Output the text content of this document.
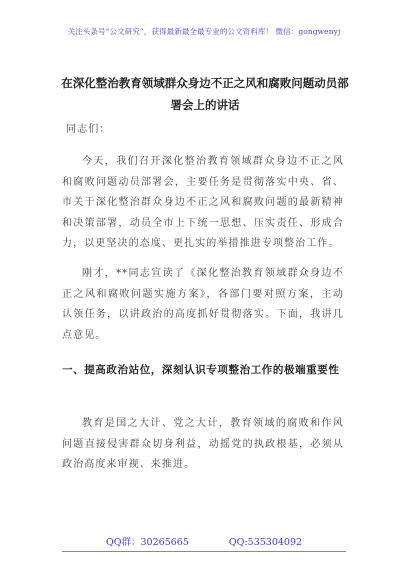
关注头条号“公文研究”，获得最新最全最专业的公文资料库！ 微信：gongwenyj
在深化整治教育领域群众身边不正之风和腐败问题动员部署会上的讲话
同志们：
今天，我们召开深化整治教育领域群众身边不正之风和腐败问题动员部署会，主要任务是贯彻落实中央、省、市关于深化整治群众身边不正之风和腐败问题的最新精神和决策部署，动员全市上下统一思想、压实责任、形成合力，以更坚决的态度、更扎实的举措推进专项整治工作。
刚才，**同志宣读了《深化整治教育领域群众身边不正之风和腐败问题实施方案》，各部门要对照方案，主动认领任务，以讲政治的高度抓好贯彻落实。下面，我讲几点意见。
一、提高政治站位，深刻认识专项整治工作的极端重要性
教育是国之大计、党之大计，教育领域的腐败和作风问题直接侵害群众切身利益，动摇党的执政根基，必须从政治高度来审视、来推进。
QQ群：30265665	QQ:535304092
